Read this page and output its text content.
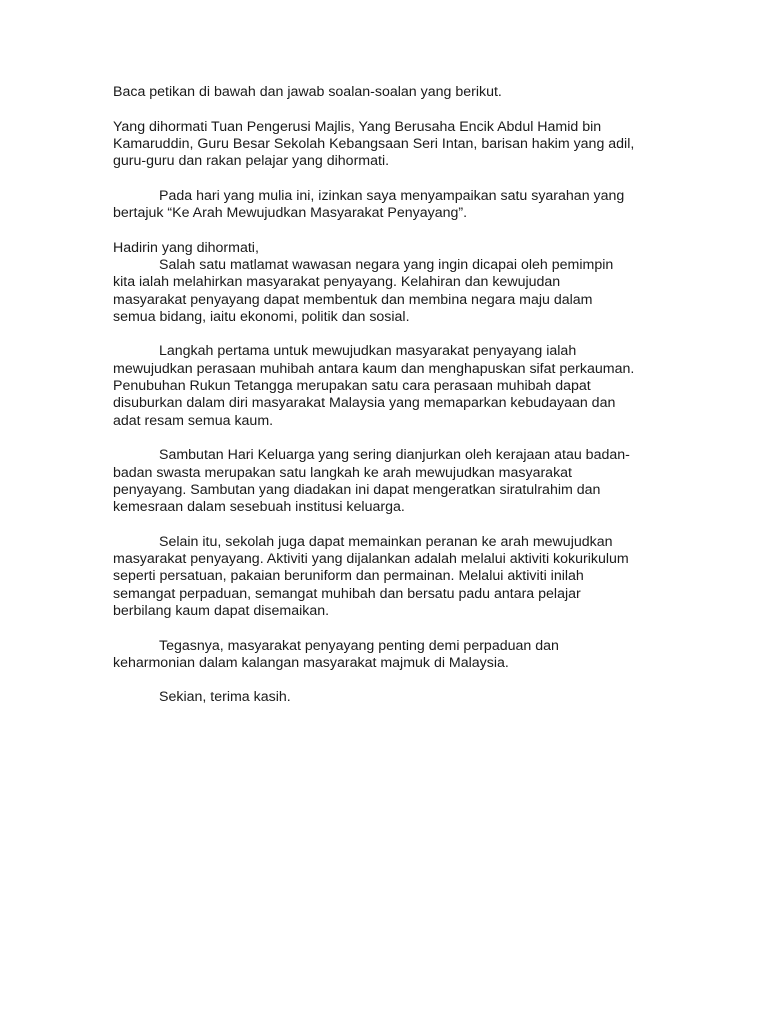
Baca petikan di bawah dan jawab soalan-soalan yang berikut.

Yang dihormati Tuan Pengerusi Majlis, Yang Berusaha Encik Abdul Hamid bin
Kamaruddin, Guru Besar Sekolah Kebangsaan Seri Intan, barisan hakim yang adil,
guru-guru dan rakan pelajar yang dihormati.

Pada hari yang mulia ini, izinkan saya menyampaikan satu syarahan yang
bertajuk “Ke Arah Mewujudkan Masyarakat Penyayang”.

Hadirin yang dihormati,

Salah satu matlamat wawasan negara yang ingin dicapai oleh pemimpin
kita ialah melahirkan masyarakat penyayang. Kelahiran dan kewujudan
masyarakat penyayang dapat membentuk dan membina negara maju dalam
semua bidang, iaitu ekonomi, politik dan sosial.

Langkah pertama untuk mewujudkan masyarakat penyayang ialah
mewujudkan perasaan muhibah antara kaum dan menghapuskan sifat perkauman.
Penubuhan Rukun Tetangga merupakan satu cara perasaan muhibah dapat
disuburkan dalam diri masyarakat Malaysia yang memaparkan kebudayaan dan
adat resam semua kaum.

Sambutan Hari Keluarga yang sering dianjurkan oleh kerajaan atau badan-
badan swasta merupakan satu langkah ke arah mewujudkan masyarakat
penyayang. Sambutan yang diadakan ini dapat mengeratkan siratulrahim dan
kemesraan dalam sesebuah institusi keluarga.

Selain itu, sekolah juga dapat memainkan peranan ke arah mewujudkan
masyarakat penyayang. Aktiviti yang dijalankan adalah melalui aktiviti kokurikulum
seperti persatuan, pakaian beruniform dan permainan. Melalui aktiviti inilah
semangat perpaduan, semangat muhibah dan bersatu padu antara pelajar
berbilang kaum dapat disemaikan.

Tegasnya, masyarakat penyayang penting demi perpaduan dan
keharmonian dalam kalangan masyarakat majmuk di Malaysia.

Sekian, terima kasih.
